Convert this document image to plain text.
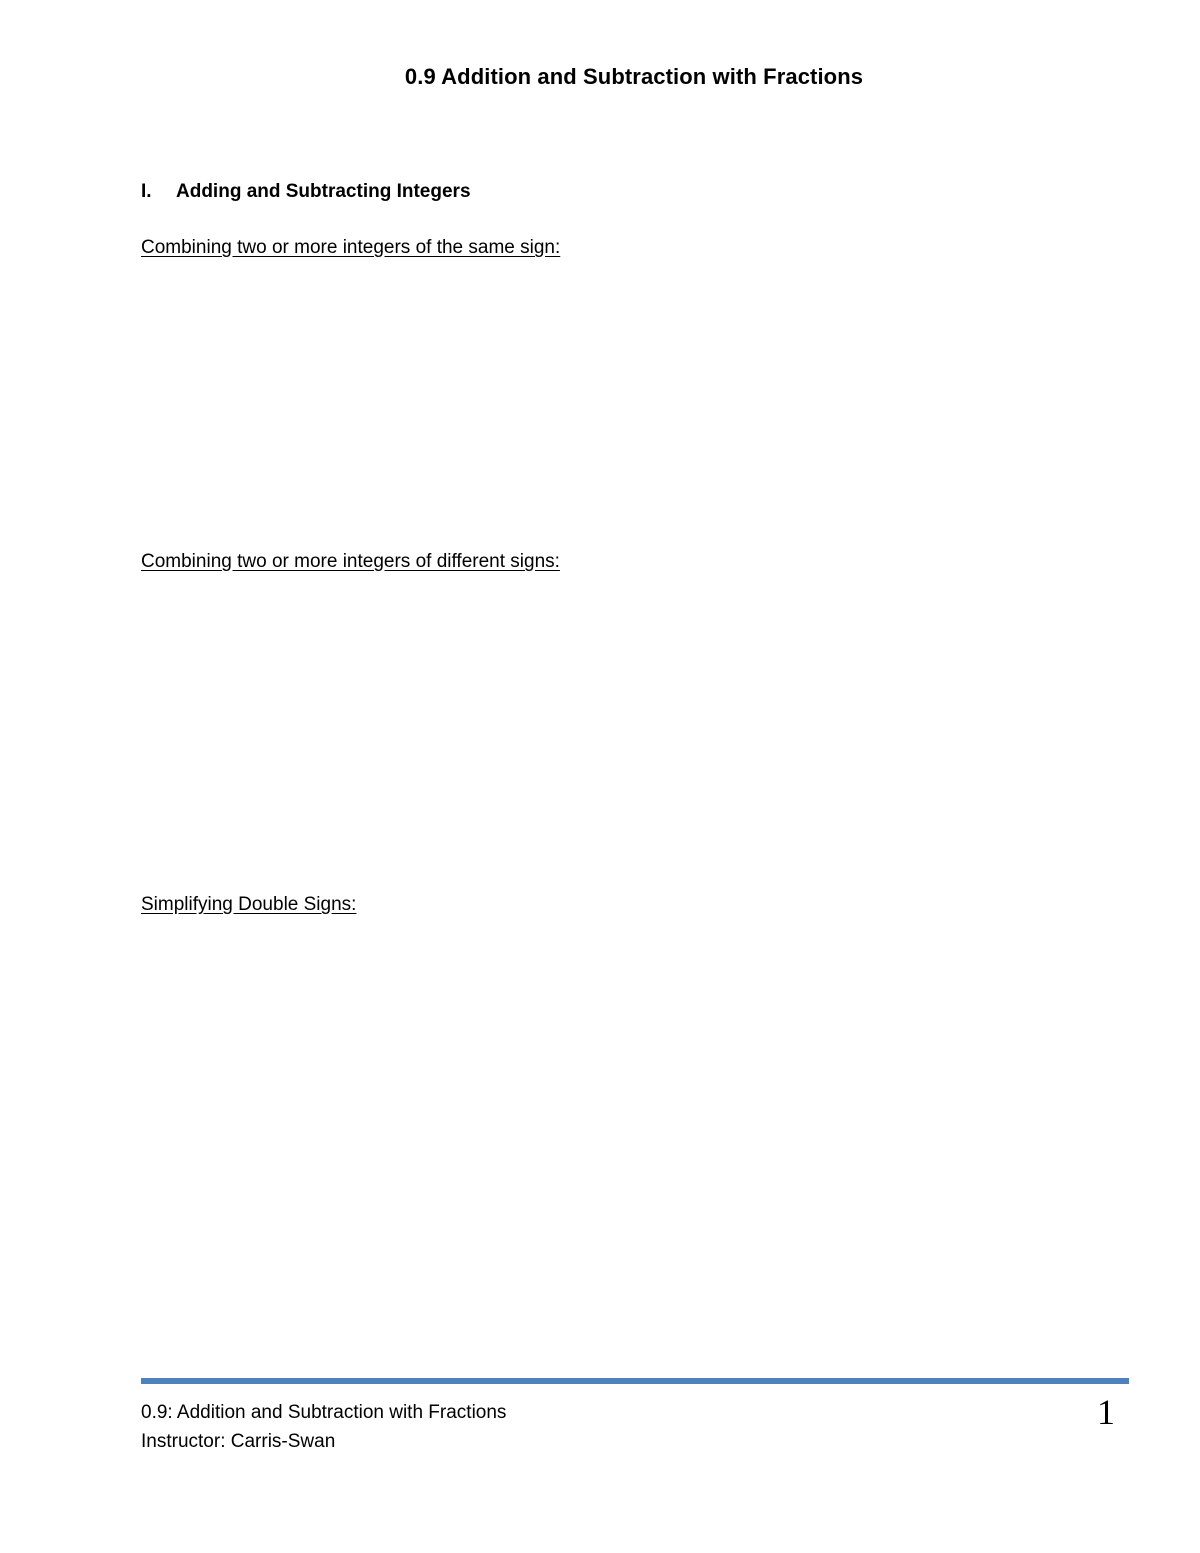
0.9 Addition and Subtraction with Fractions
I. Adding and Subtracting Integers
Combining two or more integers of the same sign:
Combining two or more integers of different signs:
Simplifying Double Signs:
0.9: Addition and Subtraction with Fractions
Instructor: Carris-Swan
1
